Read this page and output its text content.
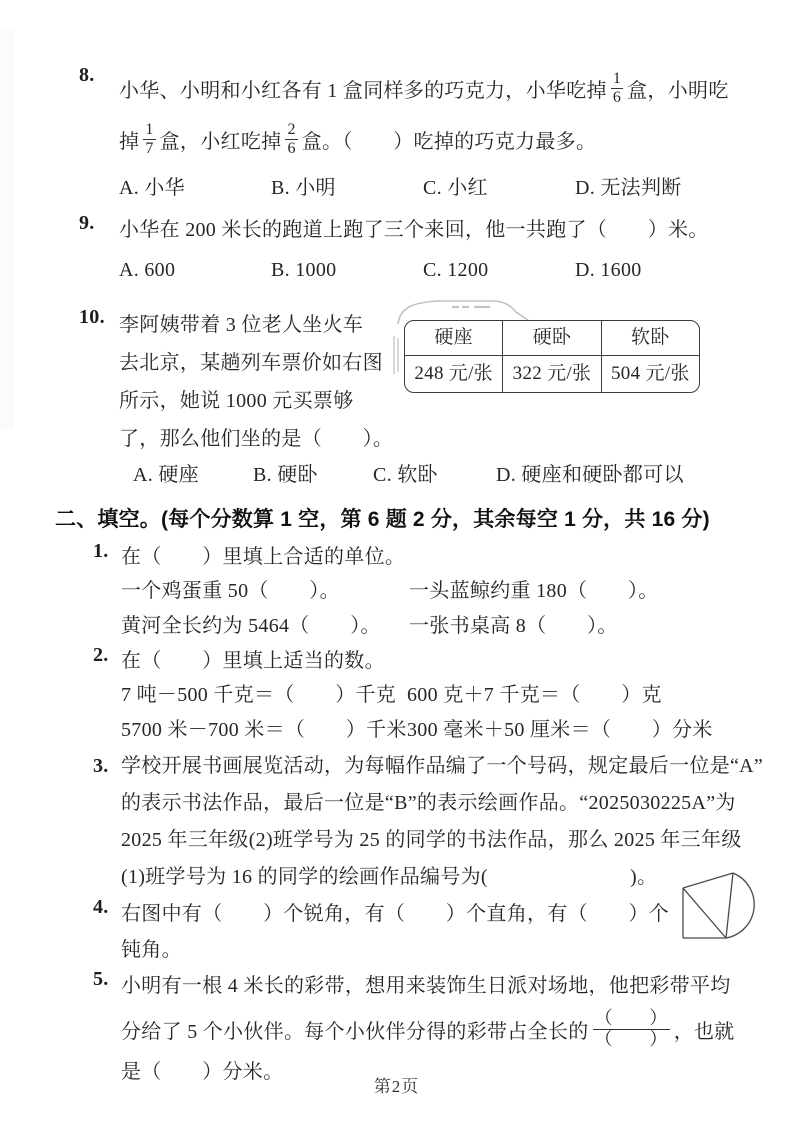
8.
小华、小明和小红各有 1 盒同样多的巧克力，小华吃掉 $\frac{1}{6}$ 盒，小明吃
掉 $\frac{1}{7}$ 盒，小红吃掉 $\frac{2}{6}$ 盒。（　　）吃掉的巧克力最多。
A. 小华	B. 小明	C. 小红	D. 无法判断
9.	小华在 200 米长的跑道上跑了三个来回，他一共跑了（　　）米。
A. 600	B. 1000	C. 1200	D. 1600
10. 李阿姨带着 3 位老人坐火车
去北京，某趟列车票价如右图
所示，她说 1000 元买票够
了，那么他们坐的是（　　）。
硬座	硬卧	软卧
248 元/张	322 元/张	504 元/张
A. 硬座	B. 硬卧	C. 软卧	D. 硬座和硬卧都可以
二、填空。(每个分数算 1 空，第 6 题 2 分，其余每空 1 分，共 16 分)
1. 在（　　）里填上合适的单位。
一个鸡蛋重 50（　　）。	一头蓝鲸约重 180（　　）。
黄河全长约为 5464（　　）。	一张书桌高 8（　　）。
2. 在（　　）里填上适当的数。
7 吨－500 千克＝（　　）千克 600 克＋7 千克＝（　　）克
5700 米－700 米＝（　　）千米 300 毫米＋50 厘米＝（　　）分米
3. 学校开展书画展览活动，为每幅作品编了一个号码，规定最后一位是“A”
的表示书法作品，最后一位是“B”的表示绘画作品。“2025030225A”为
2025 年三年级(2)班学号为 25 的同学的书法作品，那么 2025 年三年级
(1)班学号为 16 的同学的绘画作品编号为(　　　　　　　)。
4. 右图中有（　　）个锐角，有（　　）个直角，有（　　）个
钝角。
5. 小明有一根 4 米长的彩带，想用来装饰生日派对场地，他把彩带平均
分给了 5 个小伙伴。每个小伙伴分得的彩带占全长的 $\frac{( )}{( )}$ ，也就
是（　　）分米。
第2页
